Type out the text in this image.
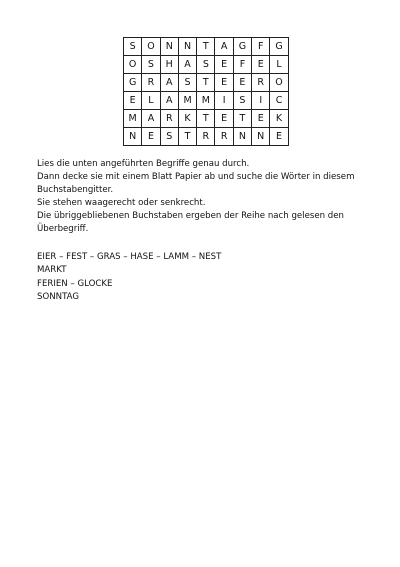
S	O	N	N	T	A	G	F	G
O	S	H	A	S	E	F	E	L
G	R	A	S	T	E	E	R	O
E	L	A	M	M	I	S	I	C
M	A	R	K	T	E	T	E	K
N	E	S	T	R	R	N	N	E

Lies die unten angeführten Begriffe genau durch.

Dann decke sie mit einem Blatt Papier ab und suche die Wörter in diesem Buchstabengitter.

Sie stehen waagerecht oder senkrecht.

Die übriggebliebenen Buchstaben ergeben der Reihe nach gelesen den Überbegriff.

EIER – FEST – GRAS – HASE – LAMM – NEST

MARKT

FERIEN – GLOCKE

SONNTAG
